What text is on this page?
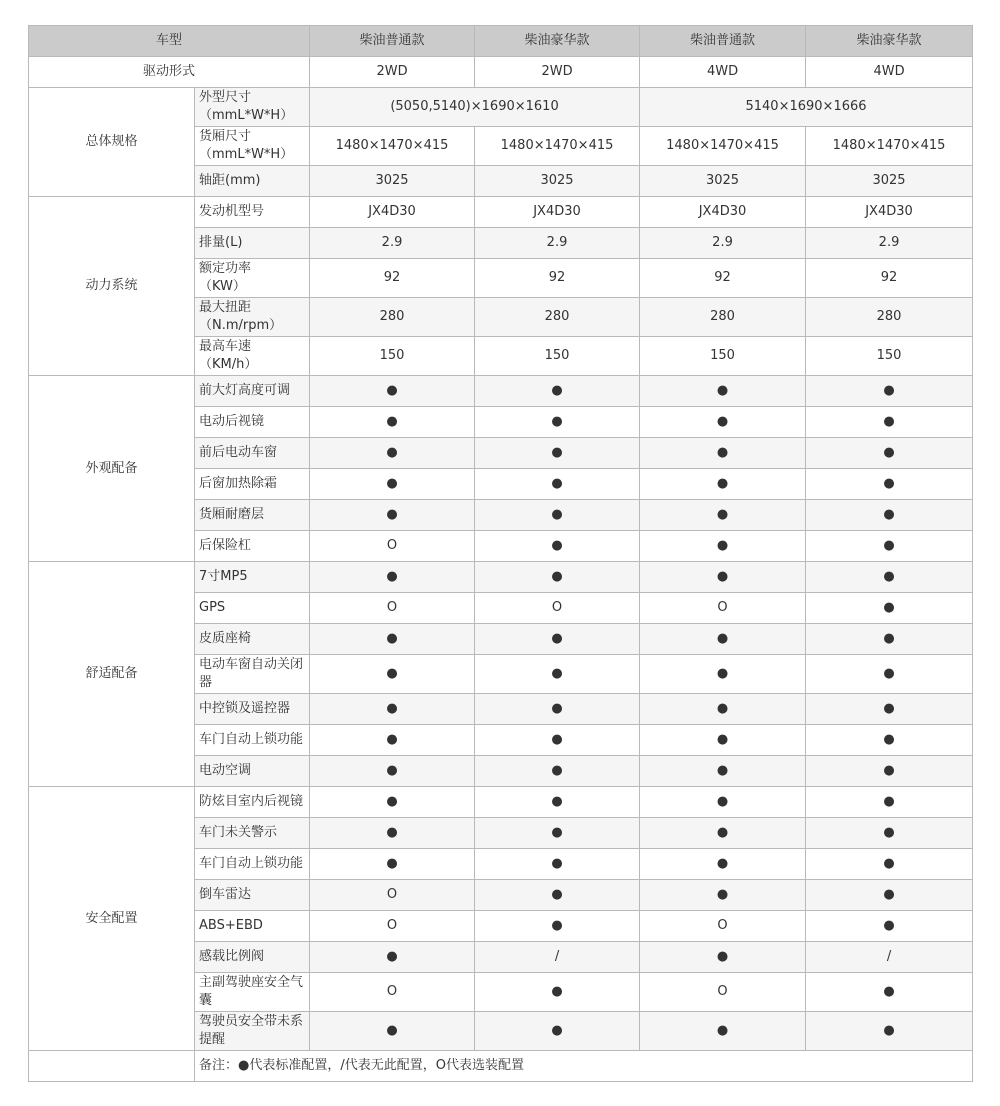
车型		柴油普通款	柴油豪华款	柴油普通款	柴油豪华款
驱动形式		2WD	2WD	4WD	4WD
总体规格	外型尺寸
（mmL*W*H）	(5050,5140)×1690×1610		5140×1690×1666	
	货厢尺寸
（mmL*W*H）	1480×1470×415	1480×1470×415	1480×1470×415	1480×1470×415
	轴距(mm)	3025	3025	3025	3025
动力系统	发动机型号	JX4D30	JX4D30	JX4D30	JX4D30
	排量(L)	2.9	2.9	2.9	2.9
	额定功率
（KW）	92	92	92	92
	最大扭距
（N.m/rpm）	280	280	280	280
	最高车速
（KM/h）	150	150	150	150
外观配备	前大灯高度可调	●	●	●	●
	电动后视镜	●	●	●	●
	前后电动车窗	●	●	●	●
	后窗加热除霜	●	●	●	●
	货厢耐磨层	●	●	●	●
	后保险杠	O	●	●	●
舒适配备	7寸MP5	●	●	●	●
	GPS	O	O	O	●
	皮质座椅	●	●	●	●
	电动车窗自动关闭
器	●	●	●	●
	中控锁及遥控器	●	●	●	●
	车门自动上锁功能	●	●	●	●
	电动空调	●	●	●	●
安全配置	防炫目室内后视镜	●	●	●	●
	车门未关警示	●	●	●	●
	车门自动上锁功能	●	●	●	●
	倒车雷达	O	●	●	●
	ABS+EBD	O	●	O	●
	感载比例阀	●	/	●	/
	主副驾驶座安全气
囊	O	●	O	●
	驾驶员安全带未系
提醒	●	●	●	●
	备注：●代表标准配置，/代表无此配置，O代表选装配置				
